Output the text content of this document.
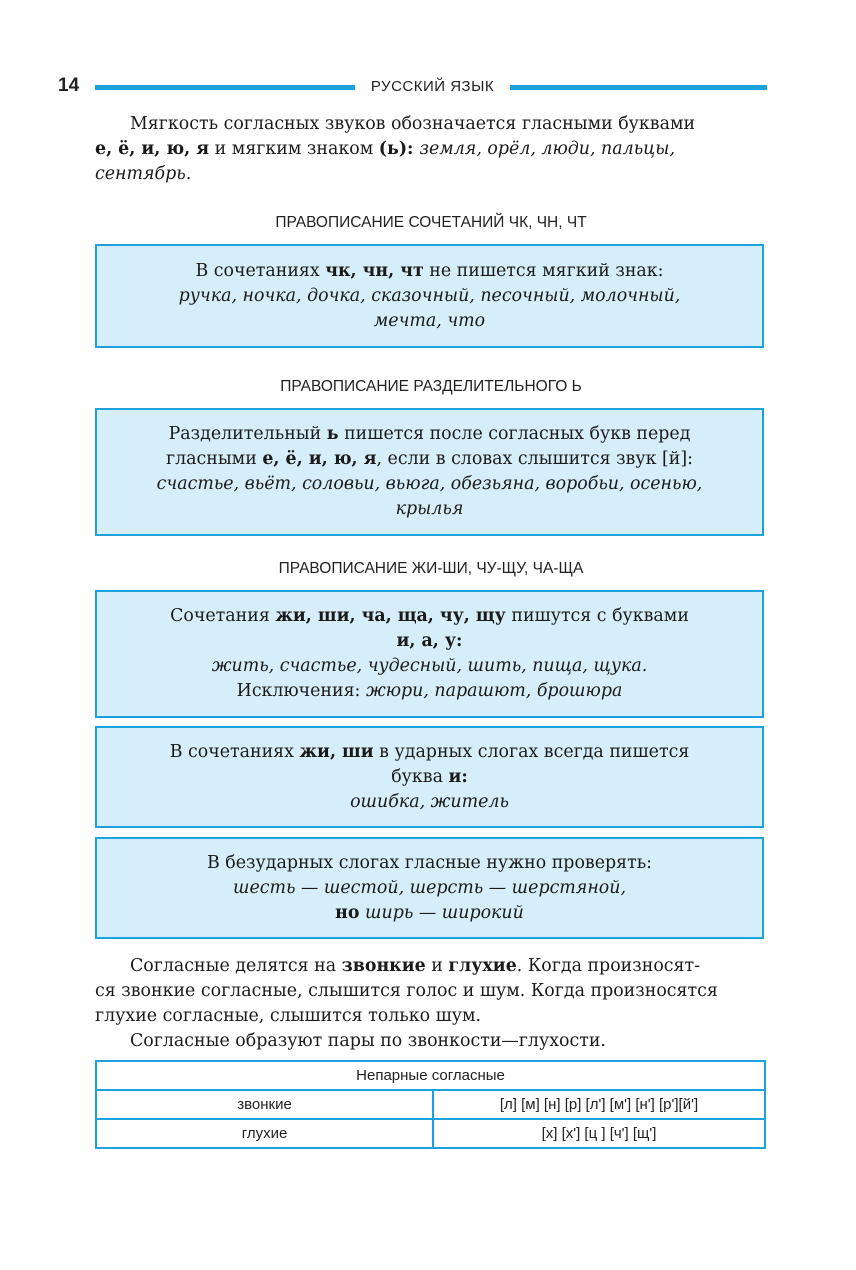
14	РУССКИЙ ЯЗЫК

Мягкость согласных звуков обозначается гласными буквами
е, ё, и, ю, я и мягким знаком (ь): земля, орёл, люди, пальцы,
сентябрь.

ПРАВОПИСАНИЕ СОЧЕТАНИЙ ЧК, ЧН, ЧТ
В сочетаниях чк, чн, чт не пишется мягкий знак:
ручка, ночка, дочка, сказочный, песочный, молочный,
мечта, что
ПРАВОПИСАНИЕ РАЗДЕЛИТЕЛЬНОГО Ь
Разделительный ь пишется после согласных букв перед
гласными е, ё, и, ю, я, если в словах слышится звук [й]:
счастье, вьёт, соловьи, вьюга, обезьяна, воробьи, осенью,
крылья
ПРАВОПИСАНИЕ ЖИ-ШИ, ЧУ-ЩУ, ЧА-ЩА
Сочетания жи, ши, ча, ща, чу, щу пишутся с буквами
и, а, у:
жить, счастье, чудесный, шить, пища, щука.
Исключения: жюри, парашют, брошюра
В сочетаниях жи, ши в ударных слогах всегда пишется
буква и:
ошибка, житель
В безударных слогах гласные нужно проверять:
шесть — шестой, шерсть — шерстяной,
но ширь — широкий

Согласные делятся на звонкие и глухие. Когда произносят-
ся звонкие согласные, слышится голос и шум. Когда произносятся
глухие согласные, слышится только шум.
Согласные образуют пары по звонкости—глухости.

Непарные согласные	
звонкие	[л] [м] [н] [р] [л'] [м'] [н'] [р'][й']
глухие	[х] [х'] [ц ] [ч'] [щ']
